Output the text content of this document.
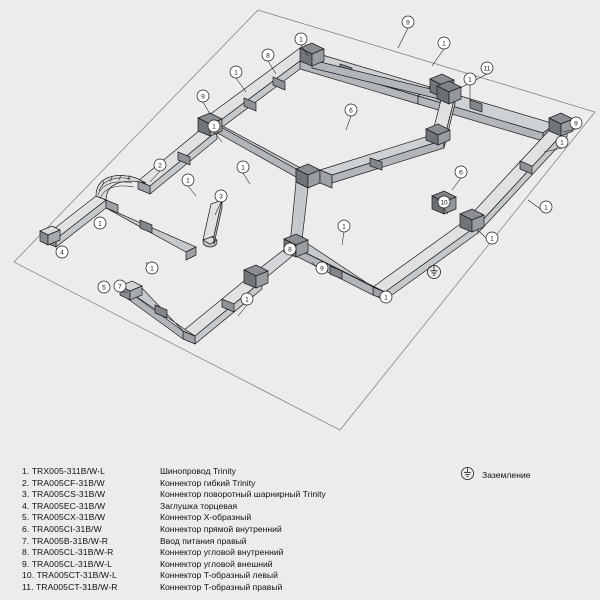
9
1
1
8
11
1
1
9
6
9
1
1
2	1
6
1
3
10
1
1	1
1
4	8
1	9
5 7
1	1
Заземление
1. TRX005-311B/W-L	Шинопровод Trinity
2. TRA005CF-31B/W	Коннектор гибкий Trinity
3. TRA005CS-31B/W	Коннектор поворотный шарнирный Trinity
4. TRA005EC-31B/W	Заглушка торцевая
5. TRA005CX-31B/W	Коннектор X-образный
6. TRA005CI-31B/W	Коннектор прямой внутренний
7. TRA005B-31B/W-R	Ввод питания правый
8. TRA005CL-31B/W-R	Коннектор угловой внутренний
9. TRA005CL-31B/W-L	Коннектор угловой внешний
10. TRA005CT-31B/W-L	Коннектор T-образный левый
11. TRA005CT-31B/W-R	Коннектор T-образный правый
